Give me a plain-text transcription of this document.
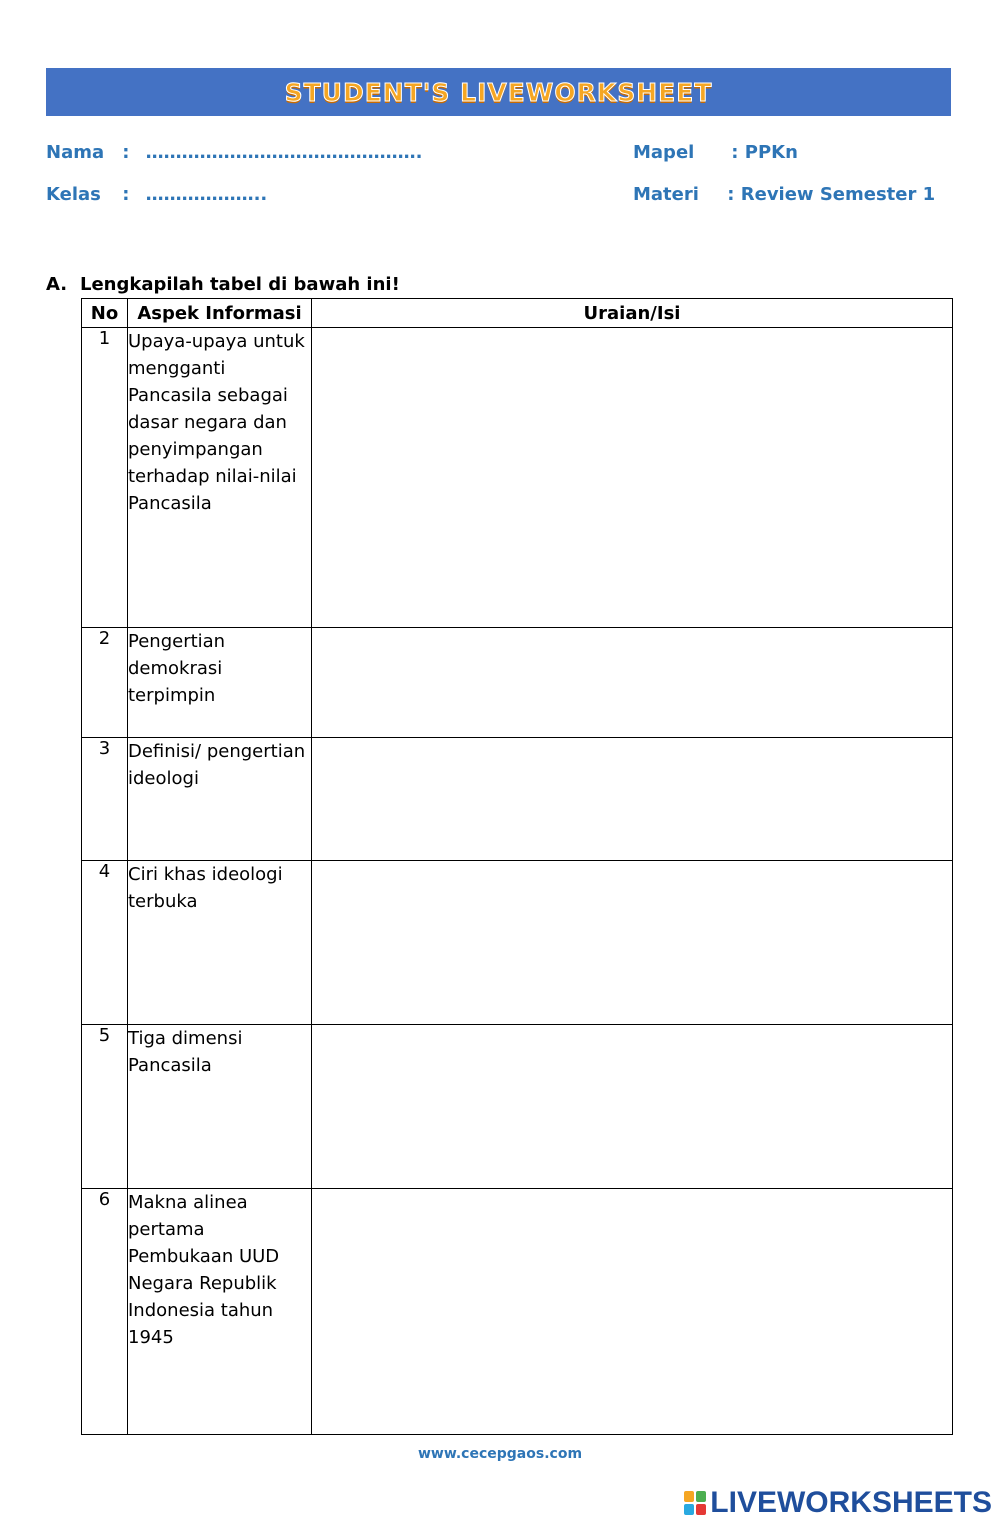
STUDENT'S LIVEWORKSHEET
Nama : ……………………………………….
Kelas : ………………..
Mapel : PPKn
Materi : Review Semester 1
A. Lengkapilah tabel di bawah ini!
No	Aspek Informasi	Uraian/Isi
1	Upaya-upaya untuk mengganti Pancasila sebagai dasar negara dan penyimpangan terhadap nilai-nilai Pancasila	
2	Pengertian demokrasi terpimpin	
3	Definisi/ pengertian ideologi	
4	Ciri khas ideologi terbuka	
5	Tiga dimensi Pancasila	
6	Makna alinea pertama Pembukaan UUD Negara Republik Indonesia tahun 1945	
www.cecepgaos.com
LIVEWORKSHEETS
